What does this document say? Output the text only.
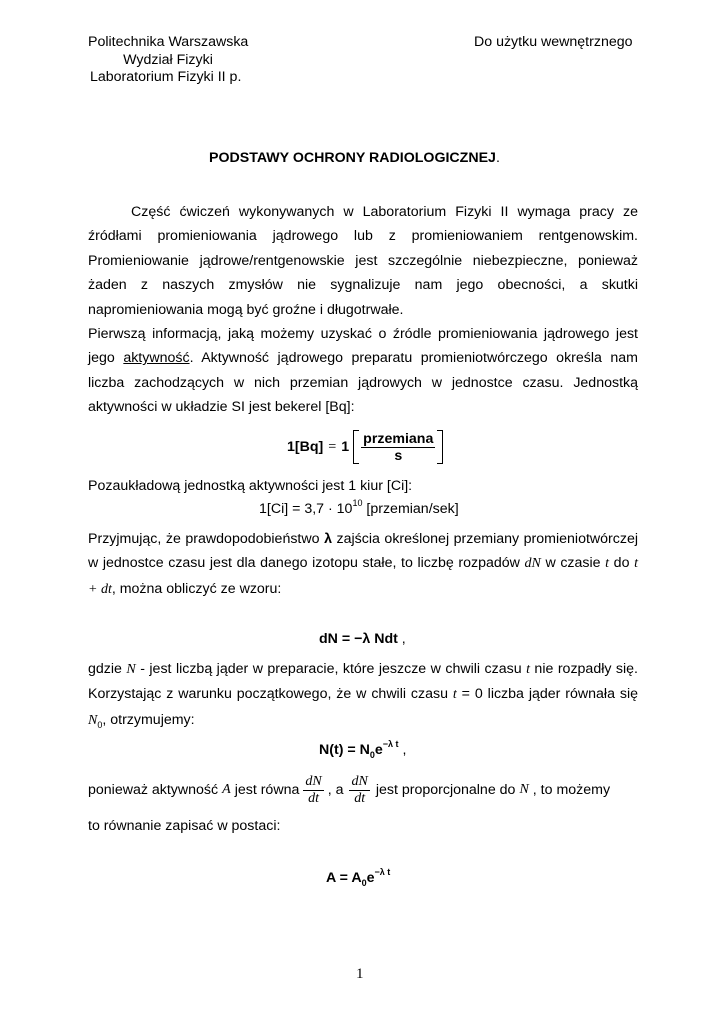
Politechnika Warszawska
Wydział Fizyki
Laboratorium Fizyki II p.
Do użytku wewnętrznego
PODSTAWY OCHRONY RADIOLOGICZNEJ.

Część ćwiczeń wykonywanych w Laboratorium Fizyki II wymaga pracy ze źródłami promieniowania jądrowego lub z promieniowaniem rentgenowskim. Promieniowanie jądrowe/rentgenowskie jest szczególnie niebezpieczne, ponieważ żaden z naszych zmysłów nie sygnalizuje nam jego obecności, a skutki napromieniowania mogą być groźne i długotrwałe.

Pierwszą informacją, jaką możemy uzyskać o źródle promieniowania jądrowego jest jego aktywność. Aktywność jądrowego preparatu promieniotwórczego określa nam liczba zachodzących w nich przemian jądrowych w jednostce czasu. Jednostką aktywności w układzie SI jest bekerel [Bq]:

$1[Bq] = 1 \frac{\text{przemiana}}{s}$
Pozaukładową jednostką aktywności jest 1 kiur [Ci]:
$1[Ci] = 3,7 \cdot 10^{10}$ [przemian/sek]

Przyjmując, że prawdopodobieństwo λ zajścia określonej przemiany promieniotwórczej w jednostce czasu jest dla danego izotopu stałe, to liczbę rozpadów dN w czasie t do t + dt, można obliczyć ze wzoru:

dN = −λ Ndt ,

gdzie N - jest liczbą jąder w preparacie, które jeszcze w chwili czasu t nie rozpadły się. Korzystając z warunku początkowego, że w chwili czasu t = 0 liczba jąder równała się $N_0$, otrzymujemy:

$N(t) = N_0e^{-\lambda t}$ ,
ponieważ aktywność A jest równa $\frac{dN}{dt}$ , a $\frac{dN}{dt}$ jest proporcjonalne do N , to możemy
to równanie zapisać w postaci:
$A = A_0e^{-\lambda t}$
1
